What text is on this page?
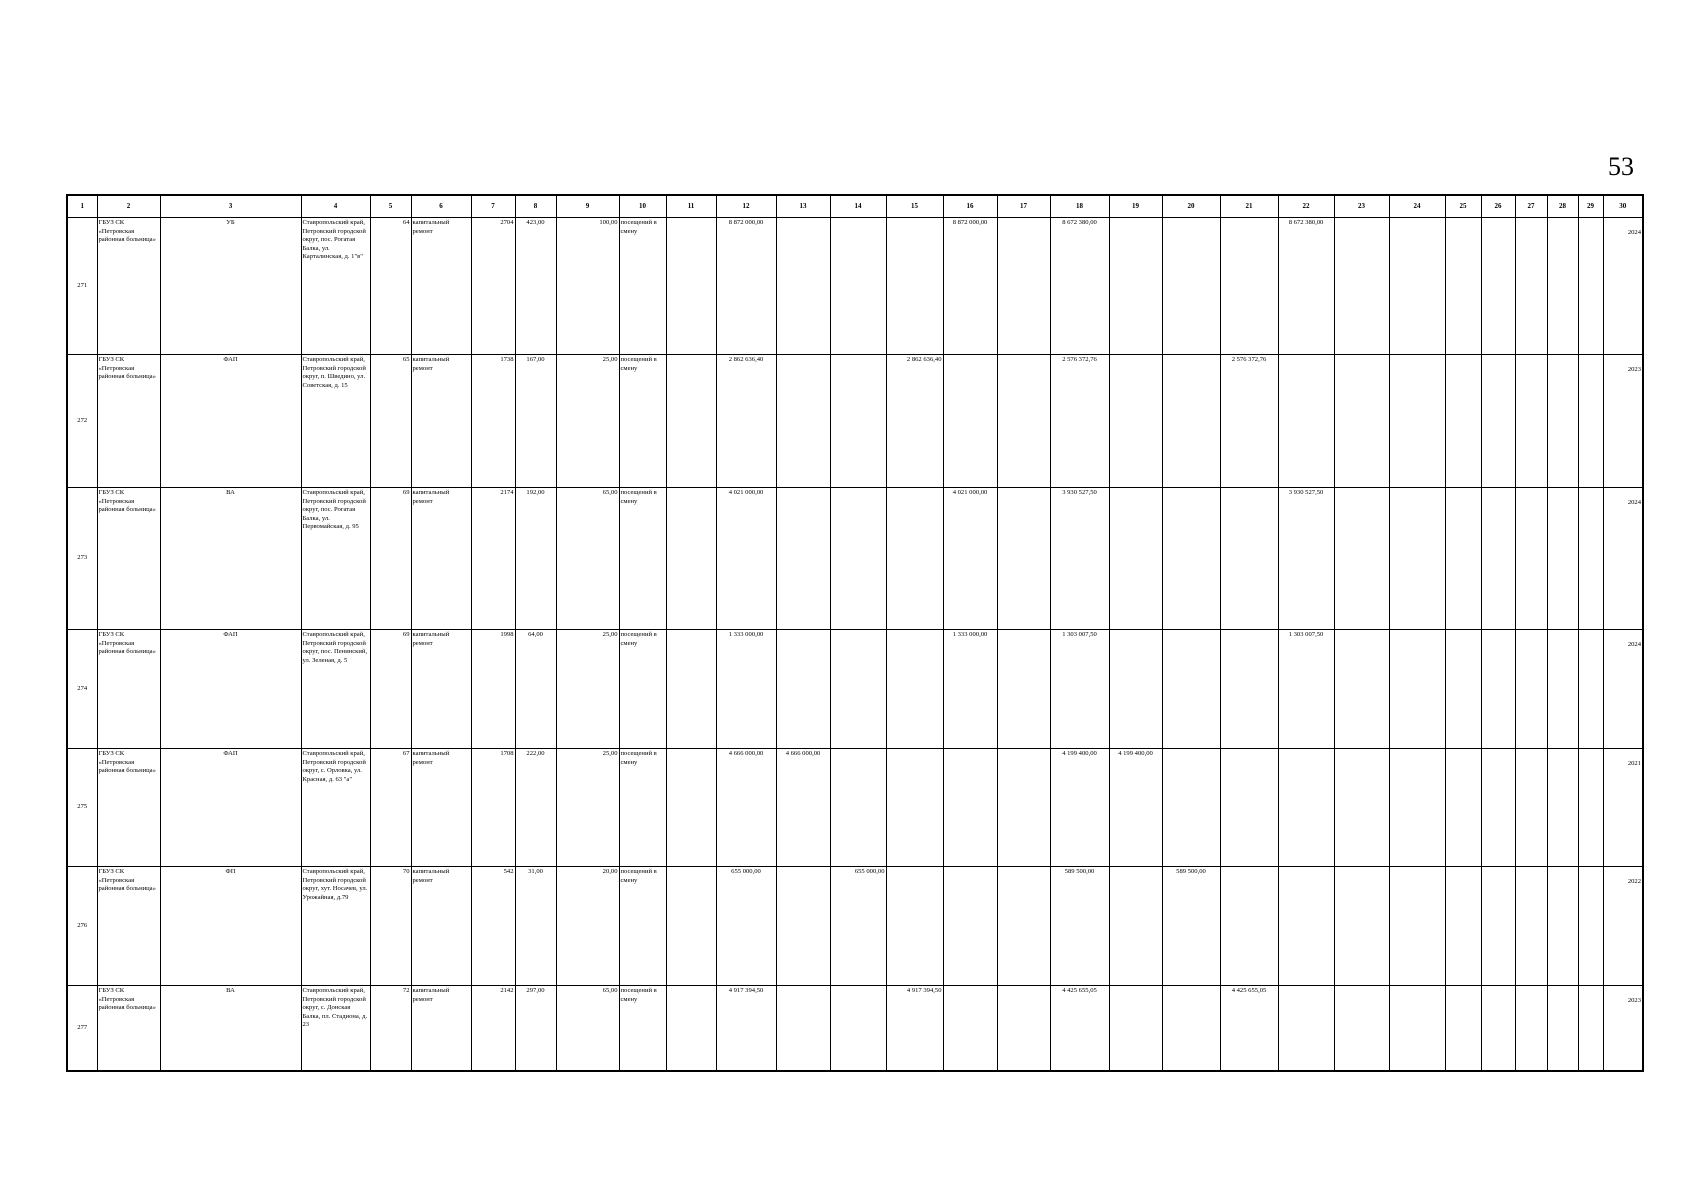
53
1	2	3	4	5	6	7	8	9	10	11	12	13	14	15	16	17	18	19	20	21	22	23	24	25	26	27	28	29	30
271	ГБУЗ СК «Петровская районная больница»	УБ	Ставропольский край, Петровский городской округ, пос. Рогатая Балка, ул. Карталинская, д. 1"в"	64	капитальный ремонт	2704	423,00	100,00	посещений в смену		8 872 000,00				8 872 000,00		8 672 380,00				8 672 380,00								2024
272	ГБУЗ СК «Петровская районная больница»	ФАП	Ставропольский край, Петровский городской округ, п. Шведино, ул. Советская, д. 15	65	капитальный ремонт	1738	167,00	25,00	посещений в смену		2 862 636,40			2 862 636,40			2 576 372,76			2 576 372,76									2023
273	ГБУЗ СК «Петровская районная больница»	ВА	Ставропольский край, Петровский городской округ, пос. Рогатая Балка, ул. Первомайская, д. 95	69	капитальный ремонт	2174	192,00	65,00	посещений в смену		4 021 000,00				4 021 000,00		3 930 527,50				3 930 527,50								2024
274	ГБУЗ СК «Петровская районная больница»	ФАП	Ставропольский край, Петровский городской округ, пос. Пенинский, ул. Зеленая, д. 5	69	капитальный ремонт	1998	64,00	25,00	посещений в смену		1 333 000,00				1 333 000,00		1 303 007,50				1 303 007,50								2024
275	ГБУЗ СК «Петровская районная больница»	ФАП	Ставропольский край, Петровский городской округ, с. Орловка, ул. Красная, д. 63 "а"	67	капитальный ремонт	1708	222,00	25,00	посещений в смену		4 666 000,00	4 666 000,00					4 199 400,00	4 199 400,00											2021
276	ГБУЗ СК «Петровская районная больница»	ФП	Ставропольский край, Петровский городской округ, хут. Носачев, ул. Урожайная, д.79	70	капитальный ремонт	542	31,00	20,00	посещений в смену		655 000,00		655 000,00				589 500,00		589 500,00										2022
277	ГБУЗ СК «Петровская районная больница»	ВА	Ставропольский край, Петровский городской округ, с. Донская Балка, пл. Стадиона, д. 23	72	капитальный ремонт	2142	297,00	65,00	посещений в смену		4 917 394,50			4 917 394,50			4 425 655,05			4 425 655,05									2023
